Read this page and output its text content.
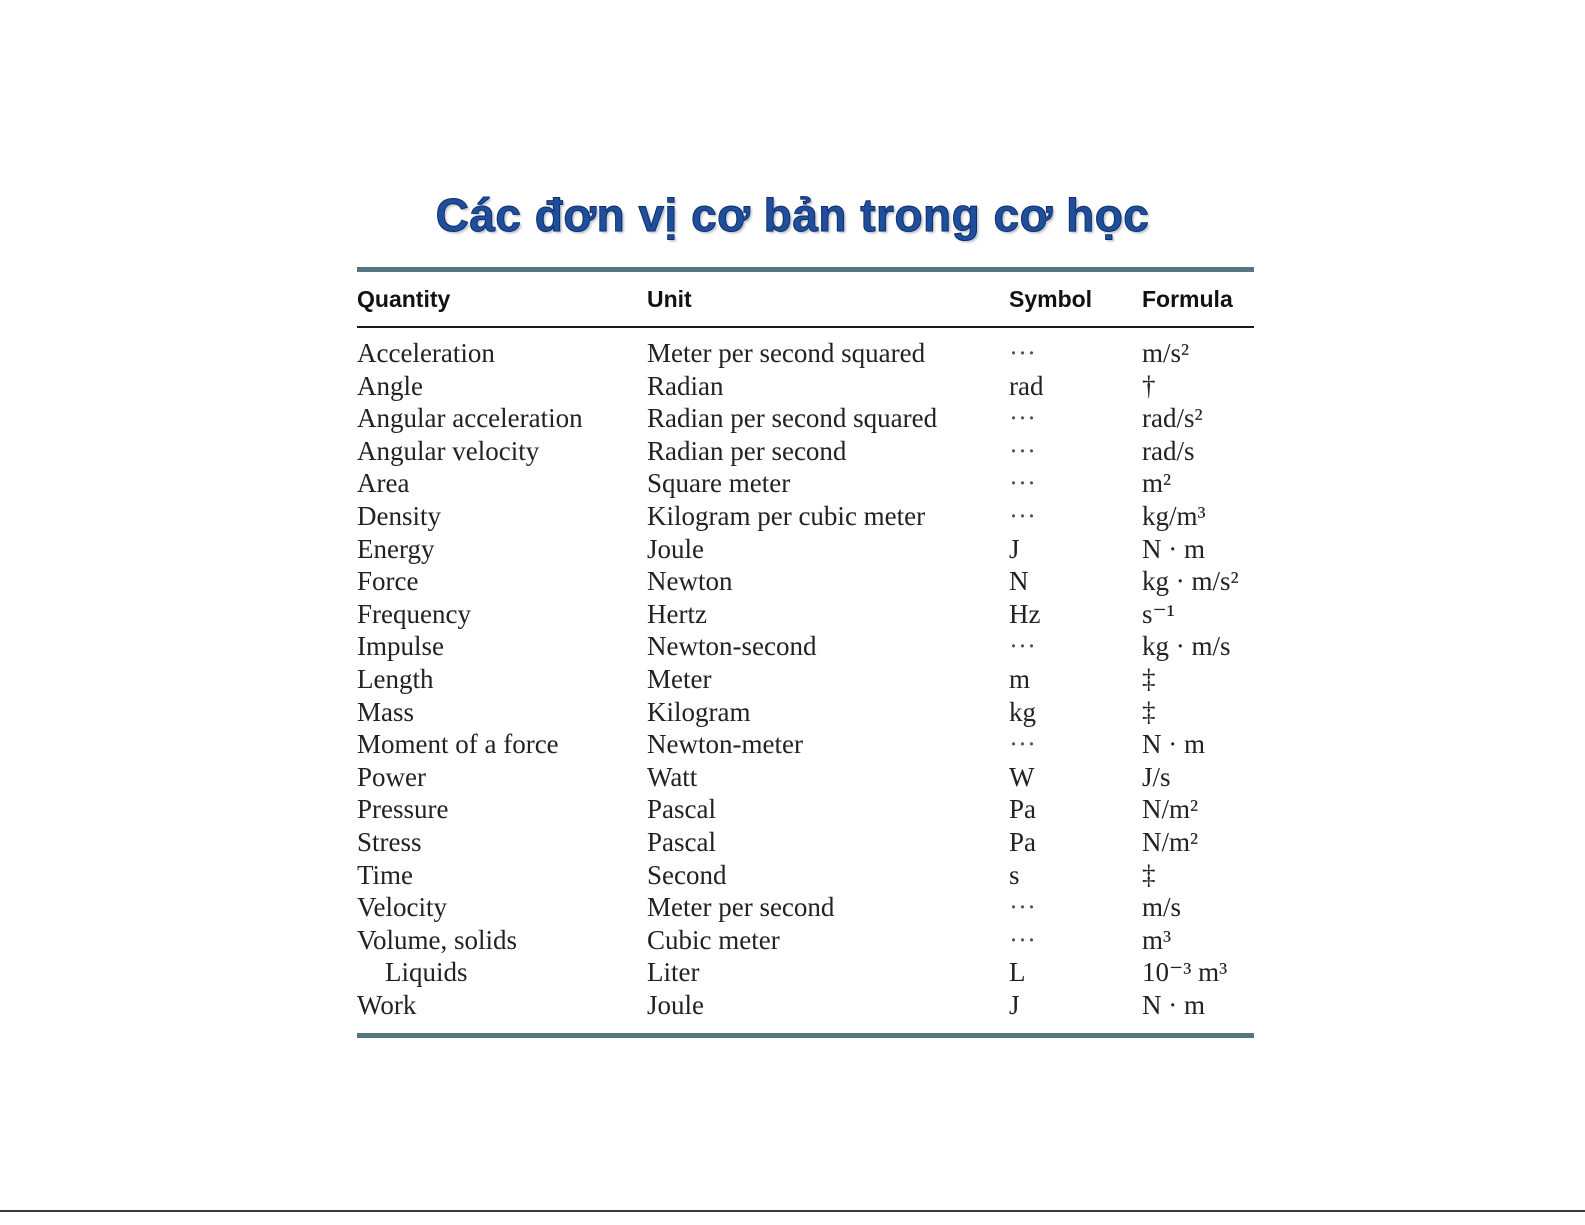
Các đơn vị cơ bản trong cơ học
Quantity	Unit	Symbol	Formula
Acceleration	Meter per second squared	···	m/s²
Angle	Radian	rad	†
Angular acceleration	Radian per second squared	···	rad/s²
Angular velocity	Radian per second	···	rad/s
Area	Square meter	···	m²
Density	Kilogram per cubic meter	···	kg/m³
Energy	Joule	J	N · m
Force	Newton	N	kg · m/s²
Frequency	Hertz	Hz	s⁻¹
Impulse	Newton-second	···	kg · m/s
Length	Meter	m	‡
Mass	Kilogram	kg	‡
Moment of a force	Newton-meter	···	N · m
Power	Watt	W	J/s
Pressure	Pascal	Pa	N/m²
Stress	Pascal	Pa	N/m²
Time	Second	s	‡
Velocity	Meter per second	···	m/s
Volume, solids	Cubic meter	···	m³
Liquids	Liter	L	10⁻³ m³
Work	Joule	J	N · m
